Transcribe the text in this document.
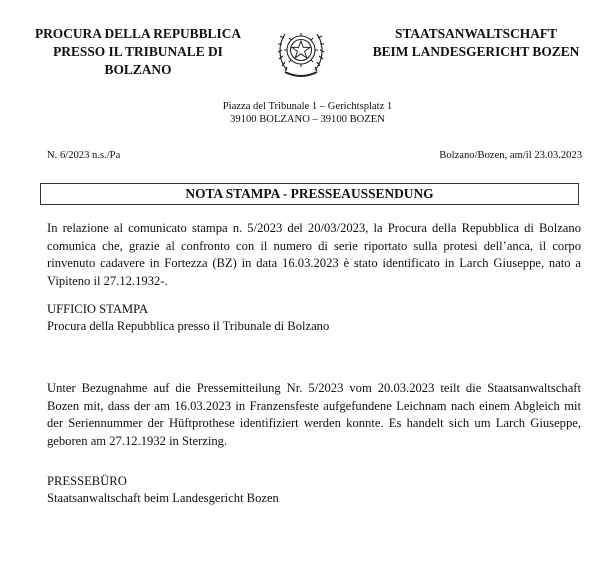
PROCURA DELLA REPUBBLICA
PRESSO IL TRIBUNALE DI
BOLZANO
STAATSANWALTSCHAFT
BEIM LANDESGERICHT BOZEN
Piazza del Tribunale 1 – Gerichtsplatz 1
39100 BOLZANO – 39100 BOZEN
N. 6/2023 n.s./Pa	Bolzano/Bozen, am/il 23.03.2023
NOTA STAMPA - PRESSEAUSSENDUNG
In relazione al comunicato stampa n. 5/2023 del 20/03/2023, la Procura della Repubblica di Bolzano comunica che, grazie al confronto con il numero di serie riportato sulla protesi dell’anca, il corpo rinvenuto cadavere in Fortezza (BZ) in data 16.03.2023 è stato identificato in Larch Giuseppe, nato a Vipiteno il 27.12.1932-.
UFFICIO STAMPA
Procura della Repubblica presso il Tribunale di Bolzano
Unter Bezugnahme auf die Pressemitteilung Nr. 5/2023 vom 20.03.2023 teilt die Staatsanwaltschaft Bozen mit, dass der am 16.03.2023 in Franzensfeste aufgefundene Leichnam nach einem Abgleich mit der Seriennummer der Hüftprothese identifiziert werden konnte. Es handelt sich um Larch Giuseppe, geboren am 27.12.1932 in Sterzing.
PRESSEBÜRO
Staatsanwaltschaft beim Landesgericht Bozen
